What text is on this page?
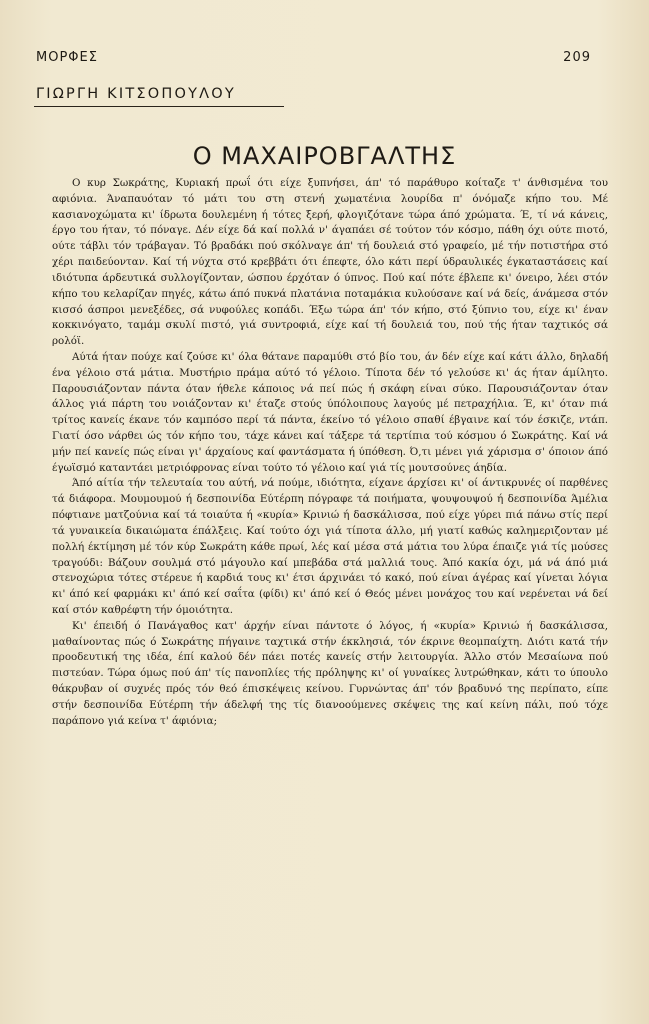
ΜΟΡΦΕΣ	209
ΓΙΩΡΓΗ ΚΙΤΣΟΠΟΥΛΟΥ
Ο ΜΑΧΑΙΡΟΒΓΑΛΤΗΣ

Ο κυρ Σωκράτης, Κυριακή πρωΐ ότι είχε ξυπνήσει, άπ' τό παράθυρο κοίταζε τ' άνθισμένα του αφιόνια. Άναπαυόταν τό μάτι του στη στενή χωματένια λουρίδα π' όνόμαζε κήπο του. Μέ κασιανοχώματα κι' ίδρωτα δουλεμένη ή τότες ξερή, φλογιζότανε τώρα άπό χρώματα. Έ, τί νά κάνεις, έργο του ήταν, τό πόναγε. Δέν είχε δά καί πολλά ν' άγαπάει σέ τούτον τόν κόσμο, πάθη όχι ούτε πιοτό, ούτε τάβλι τόν τράβαγαν. Τό βραδάκι πού σκόλναγε άπ' τή δουλειά στό γραφείο, μέ τήν ποτιστήρα στό χέρι παιδεύονταν. Καί τή νύχτα στό κρεββάτι ότι έπεφτε, όλο κάτι περί ύδραυλικές έγκαταστάσεις καί ιδιότυπα άρδευτικά συλλογίζονταν, ώσπου έρχόταν ό ύπνος. Πού καί πότε έβλεπε κι' όνειρο, λέει στόν κήπο του κελαρίζαν πηγές, κάτω άπό πυκνά πλατάνια ποταμάκια κυλούσανε καί νά δείς, άνάμεσα στόν κισσό άσπροι μενεξέδες, σά νυφούλες κοπάδι. Έξω τώρα άπ' τόν κήπο, στό ξύπνιο του, είχε κι' έναν κοκκινόγατο, ταμάμ σκυλί πιστό, γιά συντροφιά, είχε καί τή δουλειά του, πού τής ήταν ταχτικός σά ρολόϊ.

Αύτά ήταν πούχε καί ζούσε κι' όλα θάτανε παραμύθι στό βίο του, άν δέν είχε καί κάτι άλλο, δηλαδή ένα γέλοιο στά μάτια. Μυστήριο πράμα αύτό τό γέλοιο. Τίποτα δέν τό γελούσε κι' άς ήταν άμίλητο. Παρουσιάζονταν πάντα όταν ήθελε κάποιος νά πεί πώς ή σκάφη είναι σύκο. Παρουσιάζονταν όταν άλλος γιά πάρτη του νοιάζονταν κι' έταζε στούς ύπόλοιπους λαγούς μέ πετραχήλια. Έ, κι' όταν πιά τρίτος κανείς έκανε τόν καμπόσο περί τά πάντα, έκείνο τό γέλοιο σπαθί έβγαινε καί τόν έσκιζε, ντάπ. Γιατί όσο νάρθει ώς τόν κήπο του, τάχε κάνει καί τάξερε τά τερτίπια τού κόσμου ό Σωκράτης. Καί νά μήν πεί κανείς πώς είναι γι' άρχαίους καί φαντάσματα ή ύπόθεση. Ό,τι μένει γιά χάρισμα σ' όποιον άπό έγωϊσμό καταντάει μετριόφρονας είναι τούτο τό γέλοιο καί γιά τίς μουτσούνες άηδία.

Άπό αίτία τήν τελευταία του αύτή, νά πούμε, ιδιότητα, είχανε άρχίσει κι' οί άντικρυνές οί παρθένες τά διάφορα. Μουμουμού ή δεσποινίδα Εύτέρπη πόγραφε τά ποιήματα, ψουψουψού ή δεσποινίδα Άμέλια πόφτιανε ματζούνια καί τά τοιαύτα ή «κυρία» Κρινιώ ή δασκάλισσα, πού είχε γύρει πιά πάνω στίς περί τά γυναικεία δικαιώματα έπάλξεις. Καί τούτο όχι γιά τίποτα άλλο, μή γιατί καθώς καλημεριζονταν μέ πολλή έκτίμηση μέ τόν κύρ Σωκράτη κάθε πρωί, λές καί μέσα στά μάτια του λύρα έπαιζε γιά τίς μούσες τραγούδι: Βάζουν σουλμά στό μάγουλο καί μπεβάδα στά μαλλιά τους. Άπό κακία όχι, μά νά άπό μιά στενοχώρια τότες στέρευε ή καρδιά τους κι' έτσι άρχινάει τό κακό, πού είναι άγέρας καί γίνεται λόγια κι' άπό κεί φαρμάκι κι' άπό κεί σαΐτα (φίδι) κι' άπό κεί ό Θεός μένει μονάχος του καί νερένεται νά δεί καί στόν καθρέφτη τήν όμοιότητα.

Κι' έπειδή ό Πανάγαθος κατ' άρχήν είναι πάντοτε ό λόγος, ή «κυρία» Κρινιώ ή δασκάλισσα, μαθαίνοντας πώς ό Σωκράτης πήγαινε ταχτικά στήν έκκλησιά, τόν έκρινε θεομπαίχτη. Διότι κατά τήν προοδευτική της ιδέα, έπί καλού δέν πάει ποτές κανείς στήν λειτουργία. Άλλο στόν Μεσαίωνα πού πιστεύαν. Τώρα όμως πού άπ' τίς πανοπλίες τής πρόληψης κι' οί γυναίκες λυτρώθηκαν, κάτι το ύπουλο θάκρυβαν οί συχνές πρός τόν θεό έπισκέψεις κείνου. Γυρνώντας άπ' τόν βραδυνό της περίπατο, είπε στήν δεσποινίδα Εύτέρπη τήν άδελφή της τίς διανοούμενες σκέψεις της καί κείνη πάλι, πού τόχε παράπονο γιά κείνα τ' άφιόνια;
